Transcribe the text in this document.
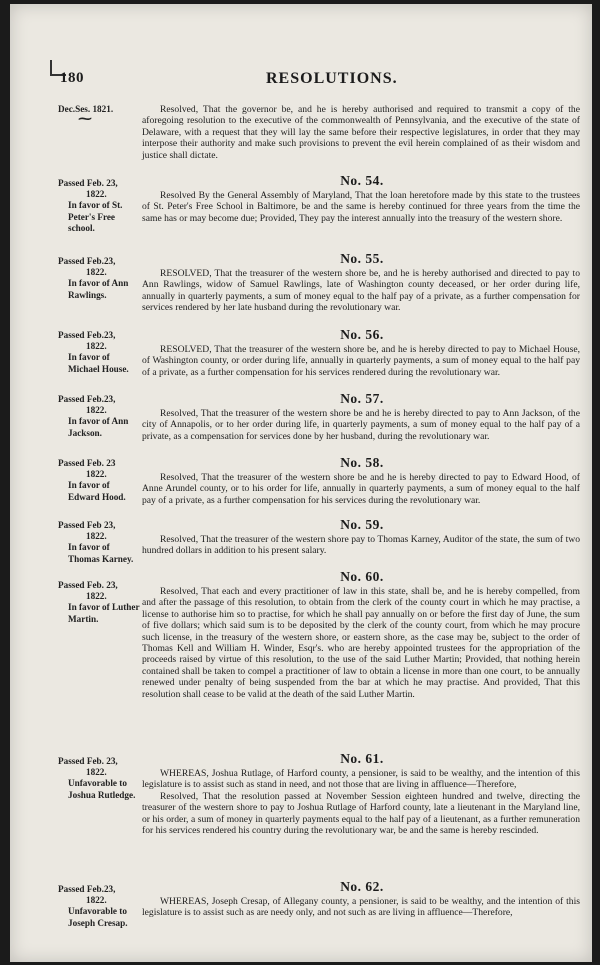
180	RESOLUTIONS.
Dec.Ses. 1821.
⁓

Resolved, That the governor be, and he is hereby authorised and required to transmit a copy of the aforegoing resolution to the executive of the commonwealth of Pennsylvania, and the executive of the state of Delaware, with a request that they will lay the same before their respective legislatures, in order that they may interpose their authority and make such provisions to prevent the evil herein complained of as their wisdom and justice shall dictate.

Passed Feb. 23,
1822.
In favor of St. Peter's Free school.
No. 54.

Resolved By the General Assembly of Maryland, That the loan heretofore made by this state to the trustees of St. Peter's Free School in Baltimore, be and the same is hereby continued for three years from the time the same has or may become due; Provided, They pay the interest annually into the treasury of the western shore.

Passed Feb.23,
1822.
In favor of Ann Rawlings.
No. 55.

RESOLVED, That the treasurer of the western shore be, and he is hereby authorised and directed to pay to Ann Rawlings, widow of Samuel Rawlings, late of Washington county deceased, or her order during life, annually in quarterly payments, a sum of money equal to the half pay of a private, as a further compensation for services rendered by her late husband during the revolutionary war.

Passed Feb.23,
1822.
In favor of Michael House.
No. 56.

RESOLVED, That the treasurer of the western shore be, and he is hereby directed to pay to Michael House, of Washington county, or order during life, annually in quarterly payments, a sum of money equal to the half pay of a private, as a further compensation for his services rendered during the revolutionary war.

Passed Feb.23,
1822.
In favor of Ann Jackson.
No. 57.

Resolved, That the treasurer of the western shore be and he is hereby directed to pay to Ann Jackson, of the city of Annapolis, or to her order during life, in quarterly payments, a sum of money equal to the half pay of a private, as a compensation for services done by her husband, during the revolutionary war.

Passed Feb. 23
1822.
In favor of Edward Hood.
No. 58.

Resolved, That the treasurer of the western shore be and he is hereby directed to pay to Edward Hood, of Anne Arundel county, or to his order for life, annually in quarterly payments, a sum of money equal to the half pay of a private, as a further compensation for his services during the revolutionary war.

Passed Feb 23,
1822.
In favor of Thomas Karney.
No. 59.

Resolved, That the treasurer of the western shore pay to Thomas Karney, Auditor of the state, the sum of two hundred dollars in addition to his present salary.

Passed Feb. 23,
1822.
In favor of Luther Martin.
No. 60.

Resolved, That each and every practitioner of law in this state, shall be, and he is hereby compelled, from and after the passage of this resolution, to obtain from the clerk of the county court in which he may practise, a license to authorise him so to practise, for which he shall pay annually on or before the first day of June, the sum of five dollars; which said sum is to be deposited by the clerk of the county court, from which he may procure such license, in the treasury of the western shore, or eastern shore, as the case may be, subject to the order of Thomas Kell and William H. Winder, Esqr's. who are hereby appointed trustees for the appropriation of the proceeds raised by virtue of this resolution, to the use of the said Luther Martin; Provided, that nothing herein contained shall be taken to compel a practitioner of law to obtain a license in more than one court, to be annually renewed under penalty of being suspended from the bar at which he may practise. And provided, That this resolution shall cease to be valid at the death of the said Luther Martin.

Passed Feb. 23,
1822.
Unfavorable to Joshua Rutledge.
No. 61.

WHEREAS, Joshua Rutlage, of Harford county, a pensioner, is said to be wealthy, and the intention of this legislature is to assist such as stand in need, and not those that are living in affluence—Therefore,

Resolved, That the resolution passed at November Session eighteen hundred and twelve, directing the treasurer of the western shore to pay to Joshua Rutlage of Harford county, late a lieutenant in the Maryland line, or his order, a sum of money in quarterly payments equal to the half pay of a lieutenant, as a further remuneration for his services rendered his country during the revolutionary war, be and the same is hereby rescinded.

Passed Feb.23,
1822.
Unfavorable to Joseph Cresap.
No. 62.

WHEREAS, Joseph Cresap, of Allegany county, a pensioner, is said to be wealthy, and the intention of this legislature is to assist such as are needy only, and not such as are living in affluence—Therefore,
